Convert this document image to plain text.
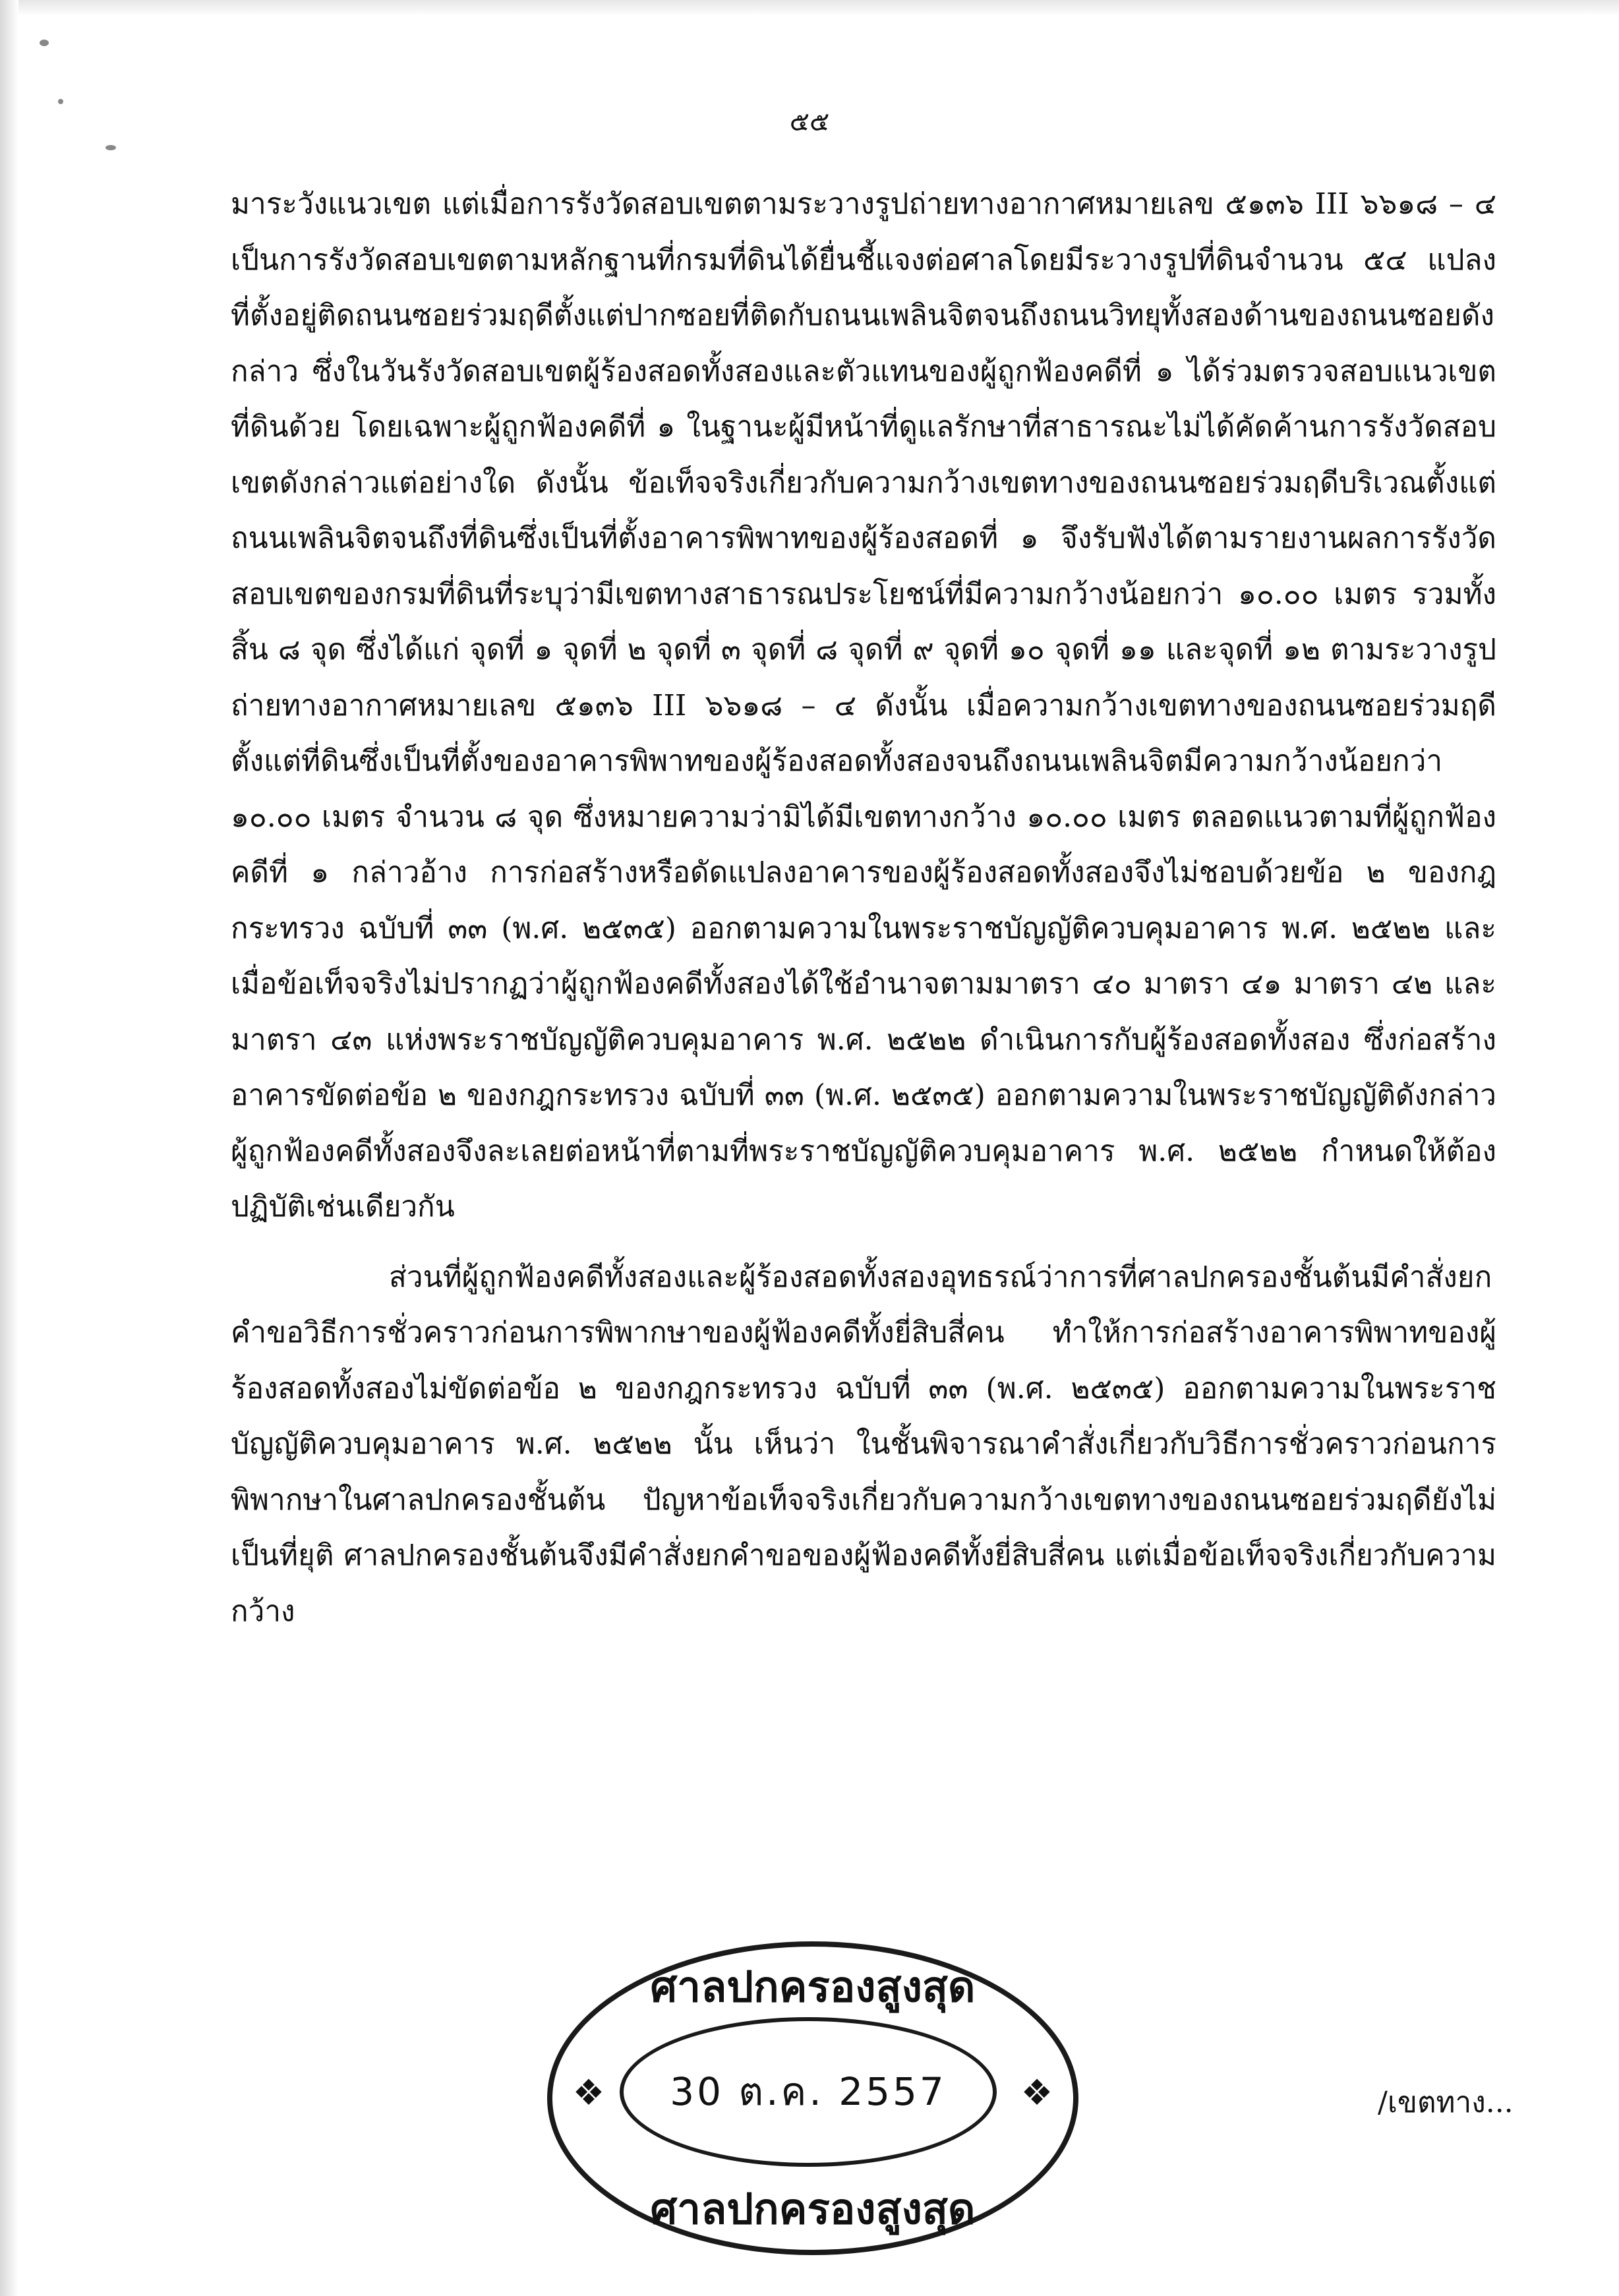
๕๕

มาระวังแนวเขต แต่เมื่อการรังวัดสอบเขตตามระวางรูปถ่ายทางอากาศหมายเลข ๕๑๓๖ III ๖๖๑๘ – ๔ เป็นการรังวัดสอบเขตตามหลักฐานที่กรมที่ดินได้ยื่นชี้แจงต่อศาลโดยมีระวางรูปที่ดินจำนวน ๕๔ แปลง ที่ตั้งอยู่ติดถนนซอยร่วมฤดีตั้งแต่ปากซอยที่ติดกับถนนเพลินจิตจนถึงถนนวิทยุทั้งสองด้านของถนนซอยดังกล่าว ซึ่งในวันรังวัดสอบเขตผู้ร้องสอดทั้งสองและตัวแทนของผู้ถูกฟ้องคดีที่ ๑ ได้ร่วมตรวจสอบแนวเขตที่ดินด้วย โดยเฉพาะผู้ถูกฟ้องคดีที่ ๑ ในฐานะผู้มีหน้าที่ดูแลรักษาที่สาธารณะไม่ได้คัดค้านการรังวัดสอบเขตดังกล่าวแต่อย่างใด ดังนั้น ข้อเท็จจริงเกี่ยวกับความกว้างเขตทางของถนนซอยร่วมฤดีบริเวณตั้งแต่ถนนเพลินจิตจนถึงที่ดินซึ่งเป็นที่ตั้งอาคารพิพาทของผู้ร้องสอดที่ ๑ จึงรับฟังได้ตามรายงานผลการรังวัดสอบเขตของกรมที่ดินที่ระบุว่ามีเขตทางสาธารณประโยชน์ที่มีความกว้างน้อยกว่า ๑๐.๐๐ เมตร รวมทั้งสิ้น ๘ จุด ซึ่งได้แก่ จุดที่ ๑ จุดที่ ๒ จุดที่ ๓ จุดที่ ๘ จุดที่ ๙ จุดที่ ๑๐ จุดที่ ๑๑ และจุดที่ ๑๒ ตามระวางรูปถ่ายทางอากาศหมายเลข ๕๑๓๖ III ๖๖๑๘ – ๔ ดังนั้น เมื่อความกว้างเขตทางของถนนซอยร่วมฤดีตั้งแต่ที่ดินซึ่งเป็นที่ตั้งของอาคารพิพาทของผู้ร้องสอดทั้งสองจนถึงถนนเพลินจิตมีความกว้างน้อยกว่า ๑๐.๐๐ เมตร จำนวน ๘ จุด ซึ่งหมายความว่ามิได้มีเขตทางกว้าง ๑๐.๐๐ เมตร ตลอดแนวตามที่ผู้ถูกฟ้องคดีที่ ๑ กล่าวอ้าง การก่อสร้างหรือดัดแปลงอาคารของผู้ร้องสอดทั้งสองจึงไม่ชอบด้วยข้อ ๒ ของกฎกระทรวง ฉบับที่ ๓๓ (พ.ศ. ๒๕๓๕) ออกตามความในพระราชบัญญัติควบคุมอาคาร พ.ศ. ๒๕๒๒ และเมื่อข้อเท็จจริงไม่ปรากฏว่าผู้ถูกฟ้องคดีทั้งสองได้ใช้อำนาจตามมาตรา ๔๐ มาตรา ๔๑ มาตรา ๔๒ และมาตรา ๔๓ แห่งพระราชบัญญัติควบคุมอาคาร พ.ศ. ๒๕๒๒ ดำเนินการกับผู้ร้องสอดทั้งสอง ซึ่งก่อสร้างอาคารขัดต่อข้อ ๒ ของกฎกระทรวง ฉบับที่ ๓๓ (พ.ศ. ๒๕๓๕) ออกตามความในพระราชบัญญัติดังกล่าว ผู้ถูกฟ้องคดีทั้งสองจึงละเลยต่อหน้าที่ตามที่พระราชบัญญัติควบคุมอาคาร พ.ศ. ๒๕๒๒ กำหนดให้ต้องปฏิบัติเช่นเดียวกัน

ส่วนที่ผู้ถูกฟ้องคดีทั้งสองและผู้ร้องสอดทั้งสองอุทธรณ์ว่าการที่ศาลปกครองชั้นต้นมีคำสั่งยกคำขอวิธีการชั่วคราวก่อนการพิพากษาของผู้ฟ้องคดีทั้งยี่สิบสี่คน ทำให้การก่อสร้างอาคารพิพาทของผู้ร้องสอดทั้งสองไม่ขัดต่อข้อ ๒ ของกฎกระทรวง ฉบับที่ ๓๓ (พ.ศ. ๒๕๓๕) ออกตามความในพระราชบัญญัติควบคุมอาคาร พ.ศ. ๒๕๒๒ นั้น เห็นว่า ในชั้นพิจารณาคำสั่งเกี่ยวกับวิธีการชั่วคราวก่อนการพิพากษาในศาลปกครองชั้นต้น ปัญหาข้อเท็จจริงเกี่ยวกับความกว้างเขตทางของถนนซอยร่วมฤดียังไม่เป็นที่ยุติ ศาลปกครองชั้นต้นจึงมีคำสั่งยกคำขอของผู้ฟ้องคดีทั้งยี่สิบสี่คน แต่เมื่อข้อเท็จจริงเกี่ยวกับความกว้าง

ศาลปกครองสูงสุด
30 ต.ค. 2557
ศาลปกครองสูงสุด
❖	❖	/เขตทาง...
